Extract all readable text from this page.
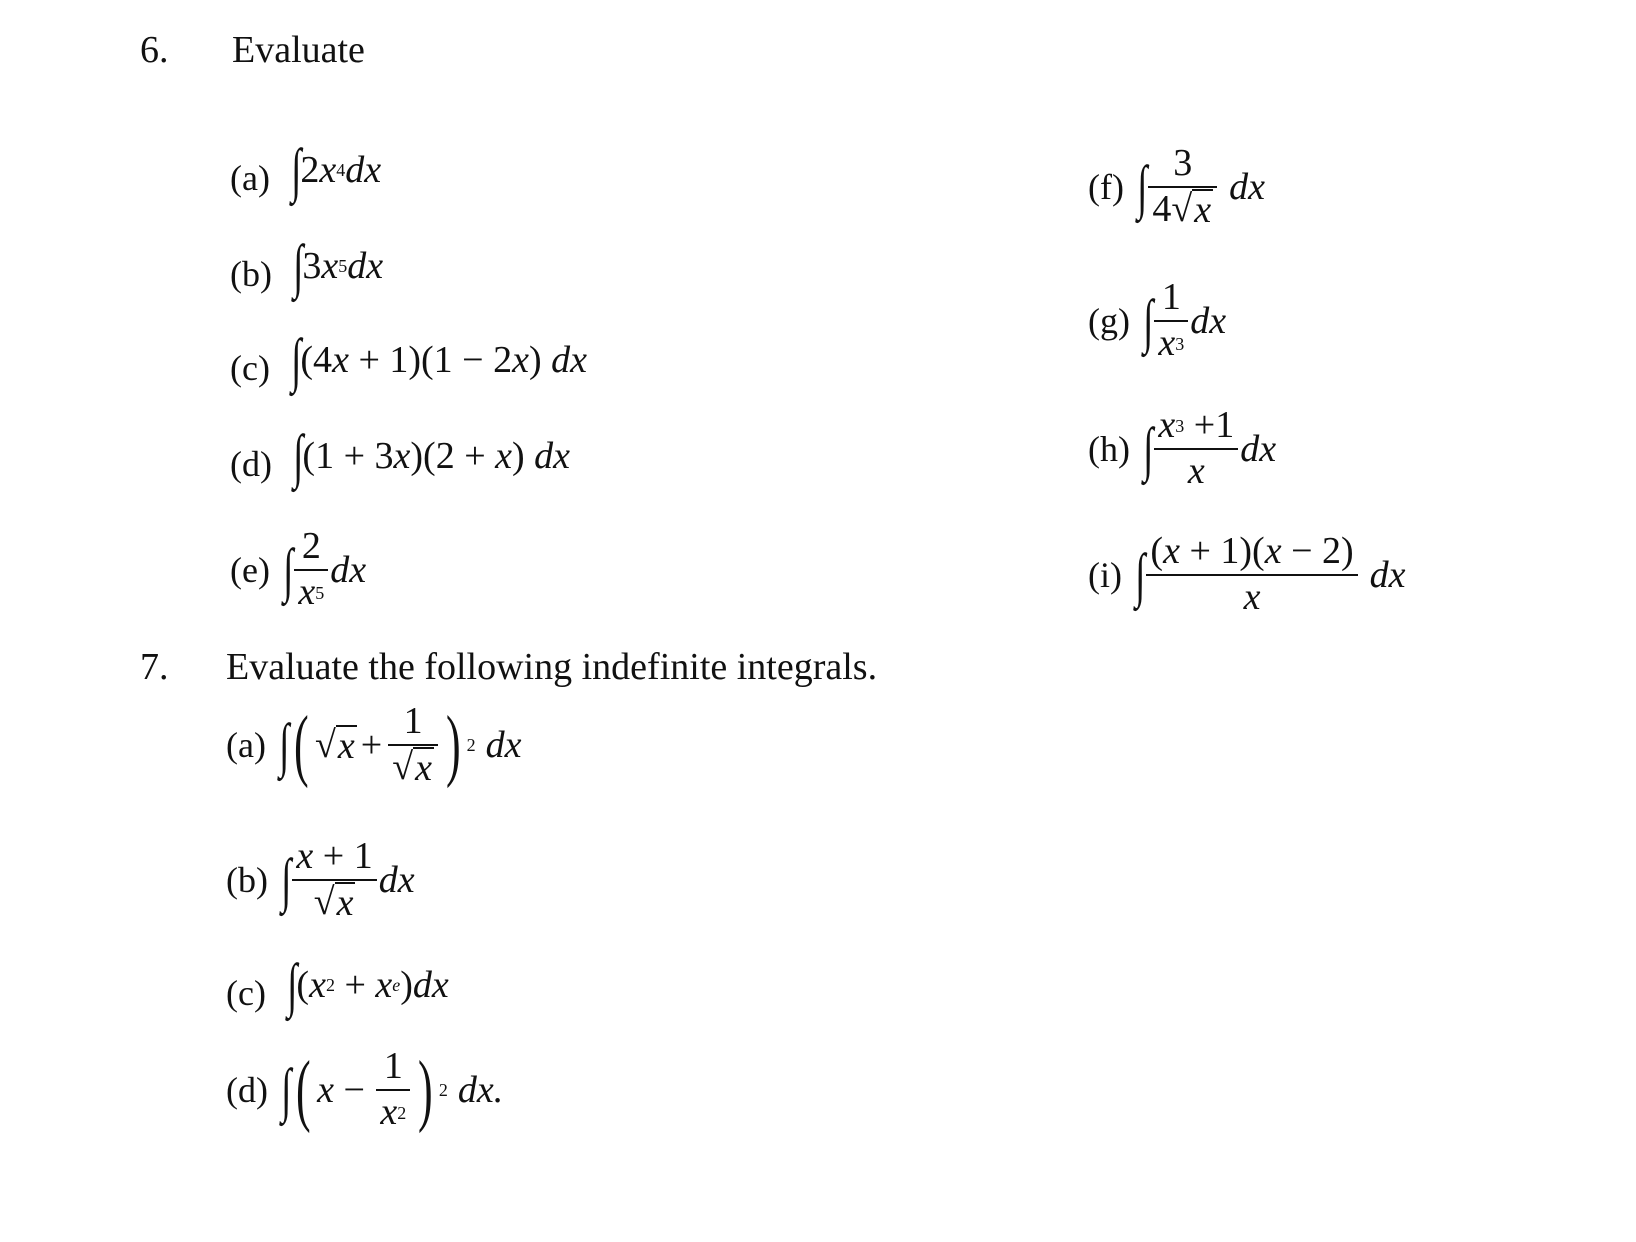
6. Evaluate
(a) ∫ 2 x 4 dx
(b) ∫ 3 x 5 dx
(c) ∫ (4 x + 1)(1 − 2 x )
dx
(d) ∫ (1 + 3 x )(2 + x )
dx
(e) ∫ $\frac{2}{x 5}$ dx
(f) ∫ $\frac{3}{4 √ x}$ dx
(g) ∫ $\frac{1}{x 3}$ dx
(h) ∫ $\frac{x 3 +1}{x}$ dx
(i) ∫ $\frac{( x + 1)( x - 2)}{x}$ dx
7. Evaluate the following indefinite integrals.
(a) ∫ ( √ $x + \frac{1}{√ x}$ ) 2 dx
(b) ∫ $\frac{x + 1}{√ x}$ dx
(c) ∫ ( x 2 + x e ) dx
(d) ∫ ( $x - \frac{1}{x 2}$ ) 2 dx.
